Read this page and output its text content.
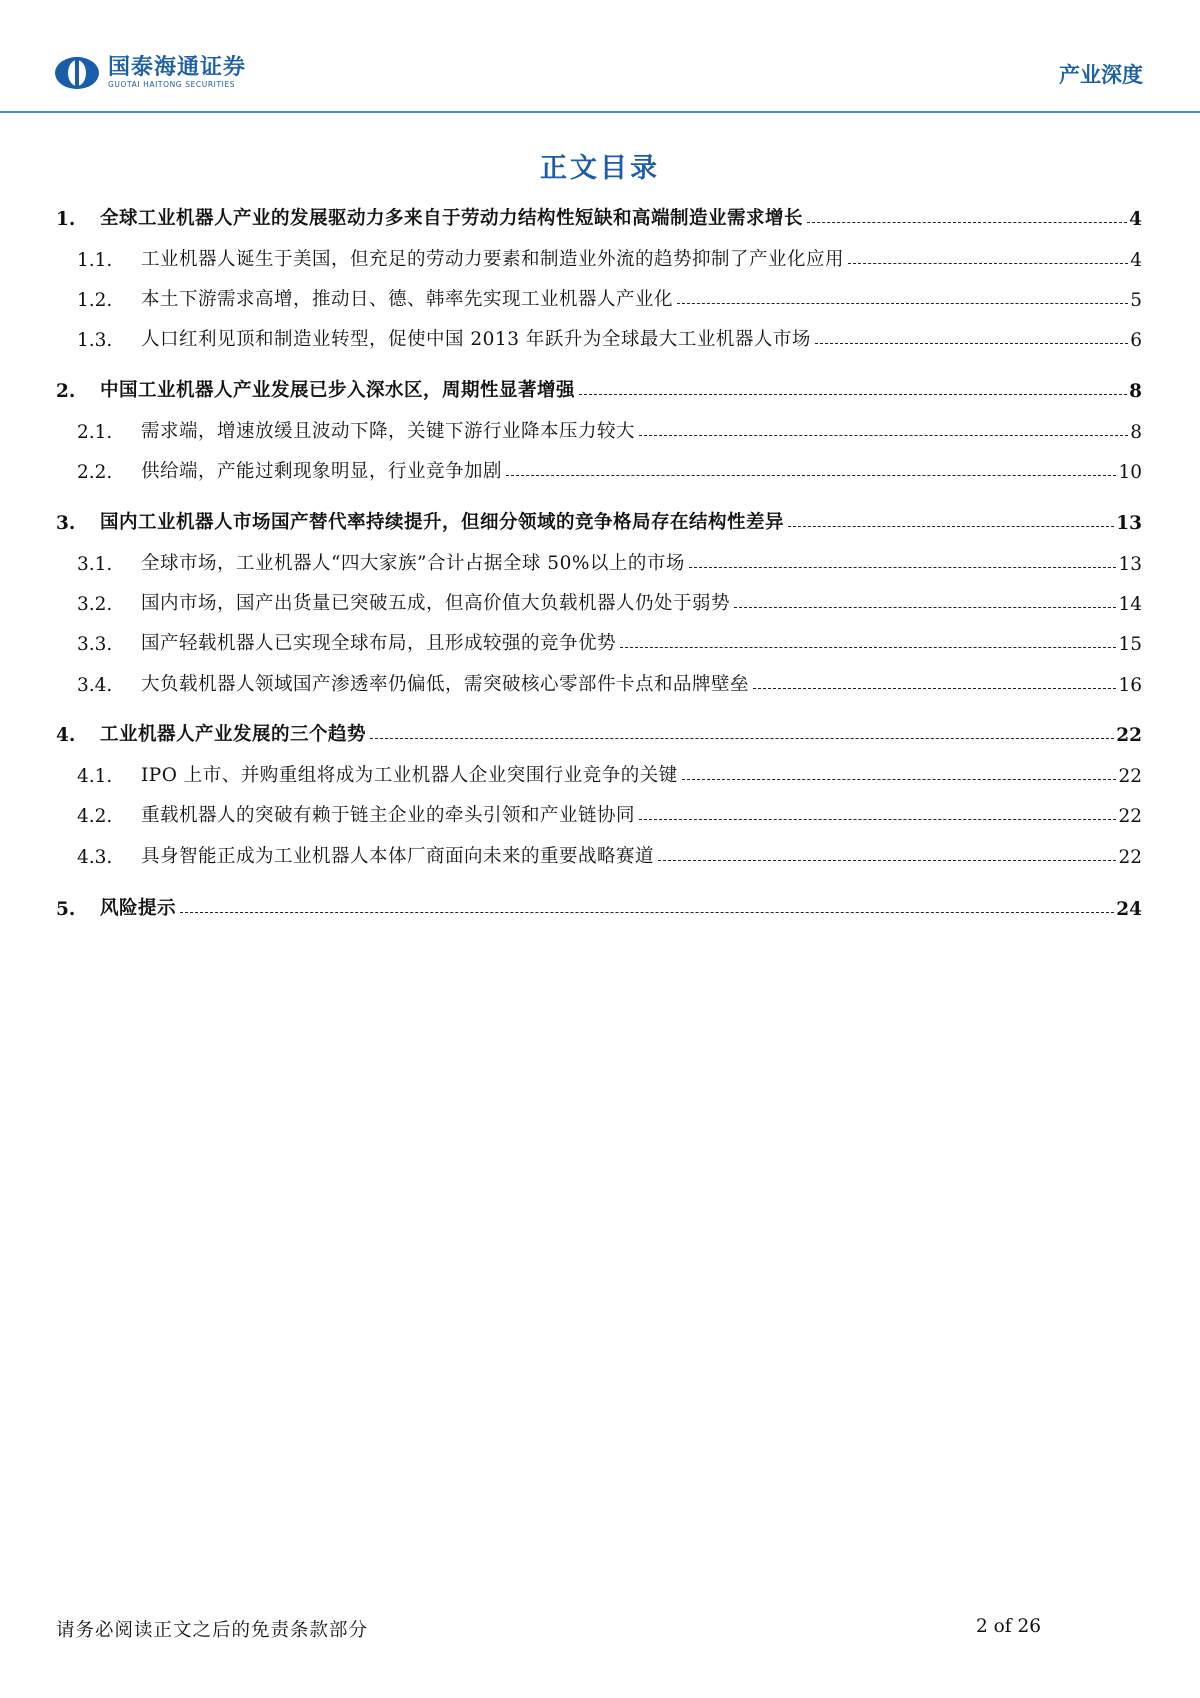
国泰海通证券
GUOTAI HAITONG SECURITIES	产业深度
正文目录
1.	全球工业机器人产业的发展驱动力多来自于劳动力结构性短缺和高端制造业需求增长	4
1.1.	工业机器人诞生于美国，但充足的劳动力要素和制造业外流的趋势抑制了产业化应用	4
1.2.	本土下游需求高增，推动日、德、韩率先实现工业机器人产业化	5
1.3.	人口红利见顶和制造业转型，促使中国 2013 年跃升为全球最大工业机器人市场	6
2.	中国工业机器人产业发展已步入深水区，周期性显著增强	8
2.1.	需求端，增速放缓且波动下降，关键下游行业降本压力较大	8
2.2.	供给端，产能过剩现象明显，行业竞争加剧	10
3.	国内工业机器人市场国产替代率持续提升，但细分领域的竞争格局存在结构性差异	13
3.1.	全球市场，工业机器人“四大家族”合计占据全球 50%以上的市场	13
3.2.	国内市场，国产出货量已突破五成，但高价值大负载机器人仍处于弱势	14
3.3.	国产轻载机器人已实现全球布局，且形成较强的竞争优势	15
3.4.	大负载机器人领域国产渗透率仍偏低，需突破核心零部件卡点和品牌壁垒	16
4.	工业机器人产业发展的三个趋势	22
4.1.	IPO 上市、并购重组将成为工业机器人企业突围行业竞争的关键	22
4.2.	重载机器人的突破有赖于链主企业的牵头引领和产业链协同	22
4.3.	具身智能正成为工业机器人本体厂商面向未来的重要战略赛道	22
5.	风险提示	24
请务必阅读正文之后的免责条款部分	2 of 26
